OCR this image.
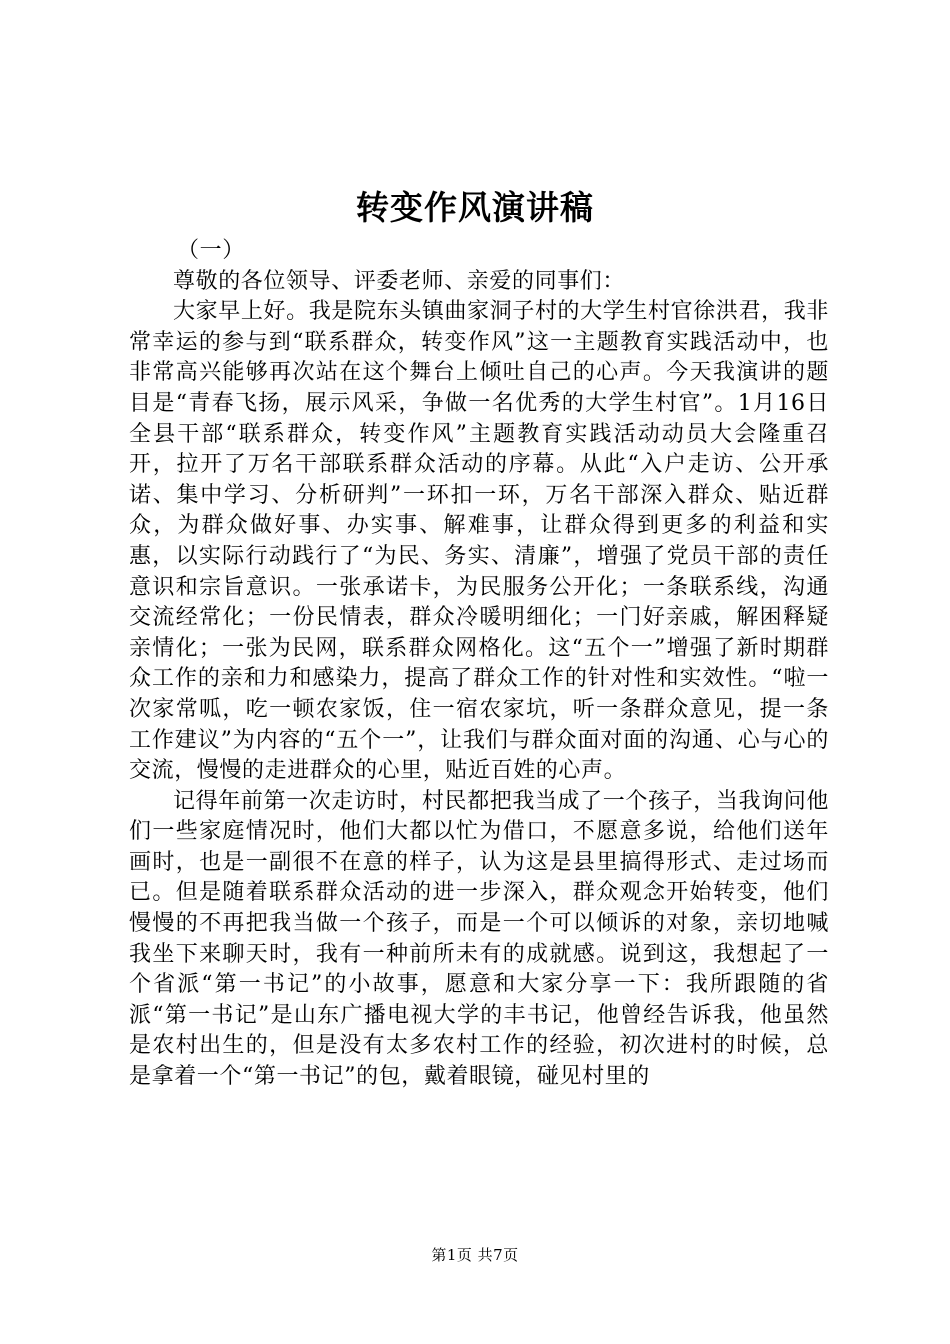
转变作风演讲稿

（一）

尊敬的各位领导、评委老师、亲爱的同事们：

大家早上好。我是院东头镇曲家洞子村的大学生村官徐洪君，我非常幸运的参与到“联系群众，转变作风”这一主题教育实践活动中，也非常高兴能够再次站在这个舞台上倾吐自己的心声。今天我演讲的题目是“青春飞扬，展示风采，争做一名优秀的大学生村官”。1月16日全县干部“联系群众，转变作风”主题教育实践活动动员大会隆重召开，拉开了万名干部联系群众活动的序幕。从此“入户走访、公开承诺、集中学习、分析研判”一环扣一环，万名干部深入群众、贴近群众，为群众做好事、办实事、解难事，让群众得到更多的利益和实惠，以实际行动践行了“为民、务实、清廉”，增强了党员干部的责任意识和宗旨意识。一张承诺卡，为民服务公开化；一条联系线，沟通交流经常化；一份民情表，群众冷暖明细化；一门好亲戚，解困释疑亲情化；一张为民网，联系群众网格化。这“五个一”增强了新时期群众工作的亲和力和感染力，提高了群众工作的针对性和实效性。“啦一次家常呱，吃一顿农家饭，住一宿农家坑，听一条群众意见，提一条工作建议”为内容的“五个一”，让我们与群众面对面的沟通、心与心的交流，慢慢的走进群众的心里，贴近百姓的心声。

记得年前第一次走访时，村民都把我当成了一个孩子，当我询问他们一些家庭情况时，他们大都以忙为借口，不愿意多说，给他们送年画时，也是一副很不在意的样子，认为这是县里搞得形式、走过场而已。但是随着联系群众活动的进一步深入，群众观念开始转变，他们慢慢的不再把我当做一个孩子，而是一个可以倾诉的对象，亲切地喊我坐下来聊天时，我有一种前所未有的成就感。说到这，我想起了一个省派“第一书记”的小故事，愿意和大家分享一下：我所跟随的省派“第一书记”是山东广播电视大学的丰书记，他曾经告诉我，他虽然是农村出生的，但是没有太多农村工作的经验，初次进村的时候，总是拿着一个“第一书记”的包，戴着眼镜，碰见村里的

第1页 共7页
